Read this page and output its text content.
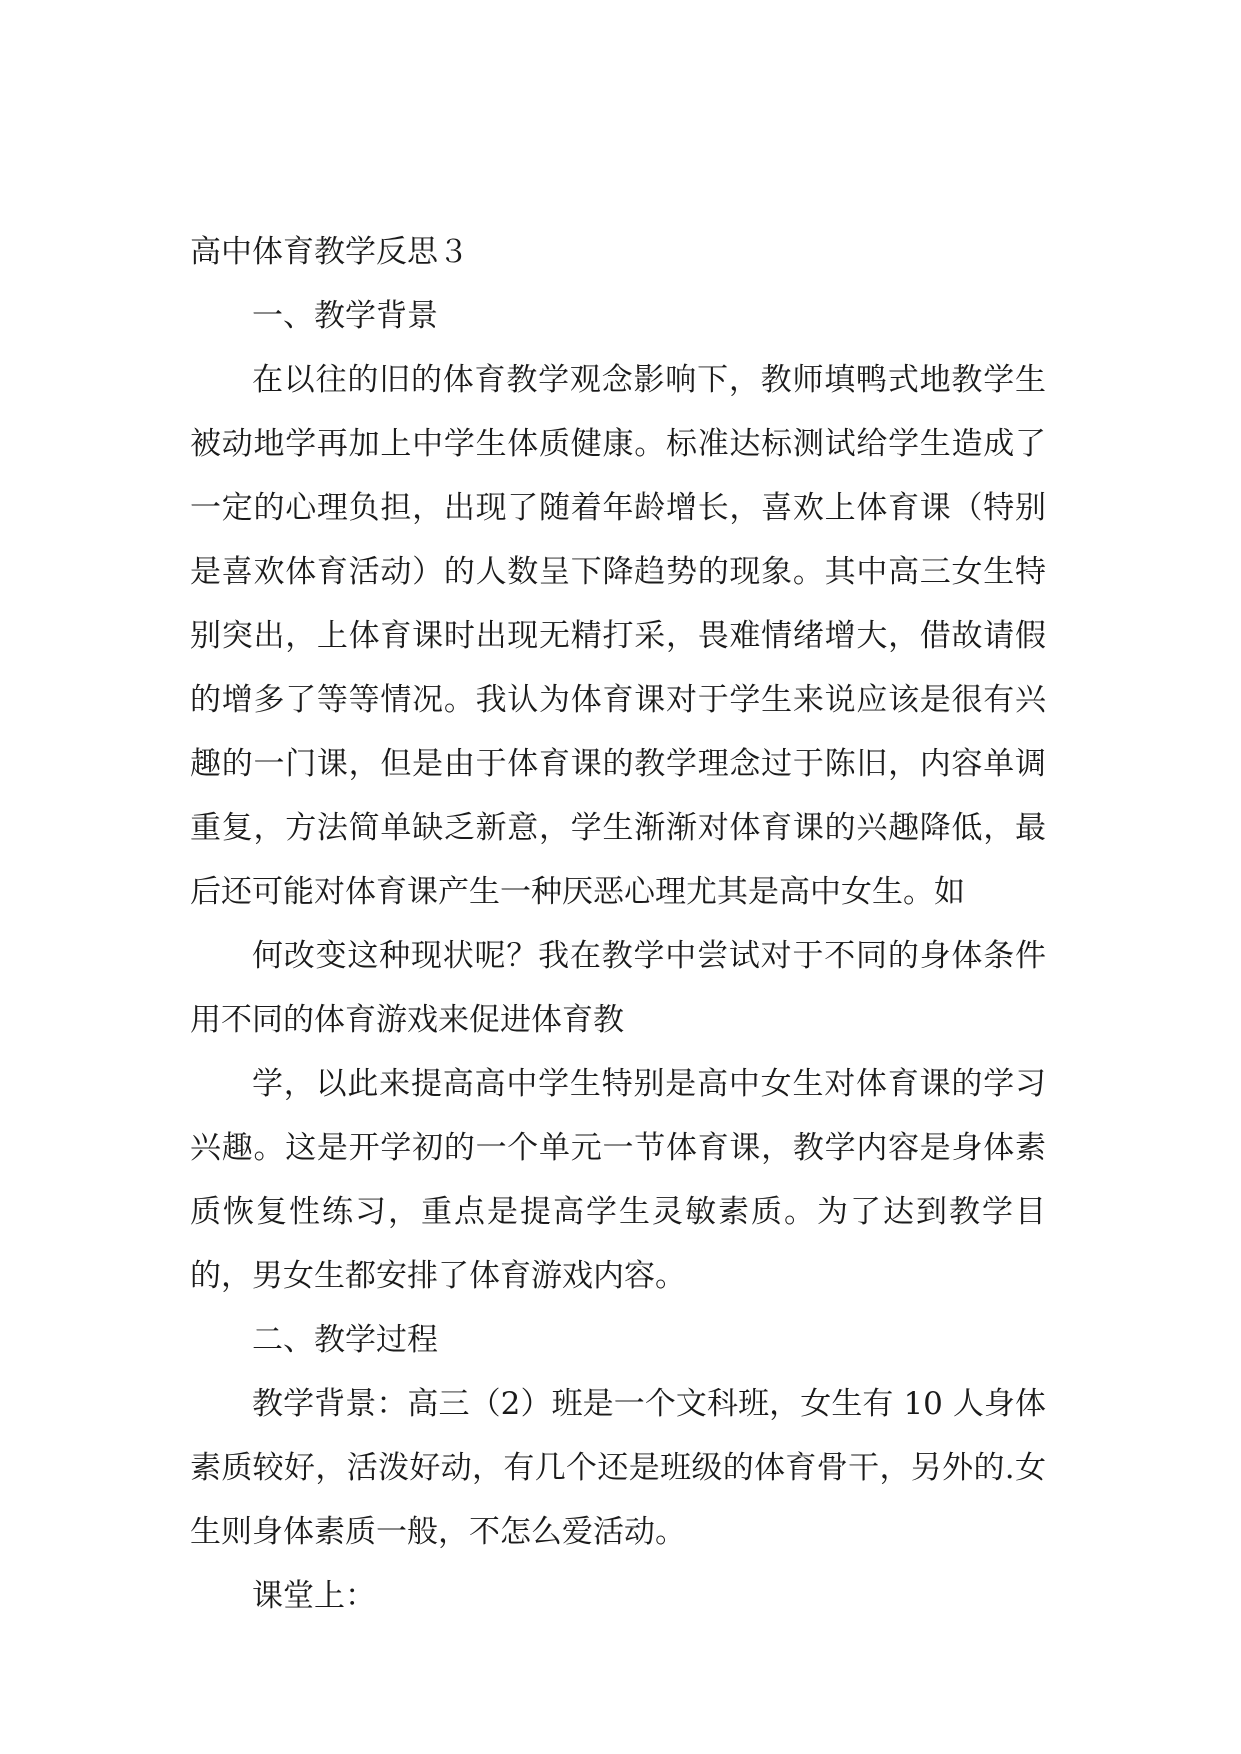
高中体育教学反思３

一、教学背景

在以往的旧的体育教学观念影响下，教师填鸭式地教学生被动地学再加上中学生体质健康。标准达标测试给学生造成了一定的心理负担，出现了随着年龄增长，喜欢上体育课（特别是喜欢体育活动）的人数呈下降趋势的现象。其中高三女生特别突出，上体育课时出现无精打采，畏难情绪增大，借故请假的增多了等等情况。我认为体育课对于学生来说应该是很有兴趣的一门课，但是由于体育课的教学理念过于陈旧，内容单调重复，方法简单缺乏新意，学生渐渐对体育课的兴趣降低，最后还可能对体育课产生一种厌恶心理尤其是高中女生。如

何改变这种现状呢？我在教学中尝试对于不同的身体条件用不同的体育游戏来促进体育教

学，以此来提高高中学生特别是高中女生对体育课的学习兴趣。这是开学初的一个单元一节体育课，教学内容是身体素质恢复性练习，重点是提高学生灵敏素质。为了达到教学目的，男女生都安排了体育游戏内容。

二、教学过程

教学背景：高三（2）班是一个文科班，女生有 10 人身体素质较好，活泼好动，有几个还是班级的体育骨干，另外的.女生则身体素质一般，不怎么爱活动。

课堂上：
